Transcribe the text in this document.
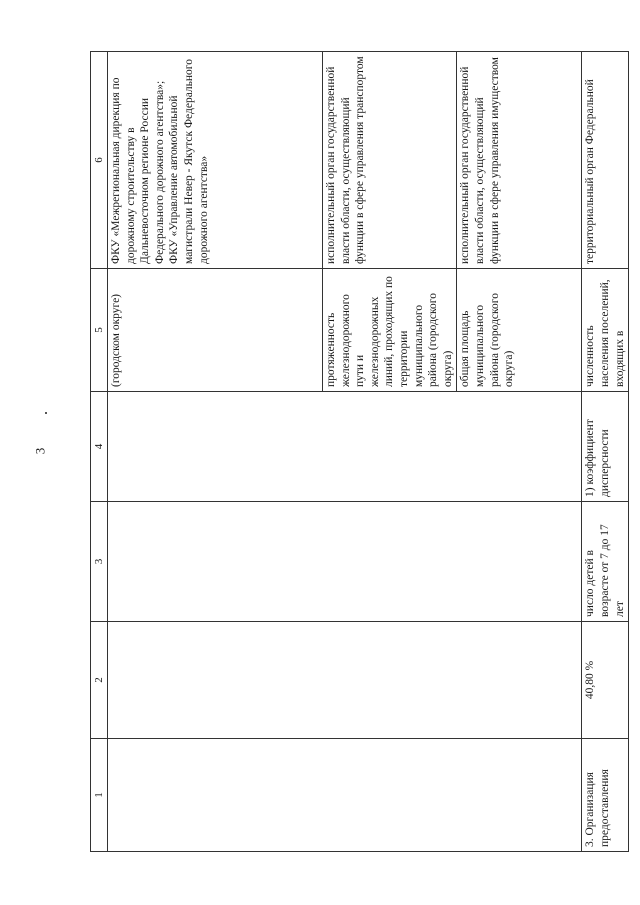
3
1	2	3	4	5	6
				(городском округе)	ФКУ «Межрегиональная дирекция по дорожному строительству в Дальневосточном регионе России Федерального дорожного агентства»; ФКУ «Управление автомобильной магистрали Невер - Якутск Федерального дорожного агентства»
				протяженность железнодорожного пути и железнодорожных линий, проходящих по территории муниципального района (городского округа)	исполнительный орган государственной власти области, осуществляющий функции в сфере управления транспортом
				общая площадь муниципального района (городского округа)	исполнительный орган государственной власти области, осуществляющий функции в сфере управления имуществом
3. Организация предоставления	40,80 %	число детей в возрасте от 7 до 17 лет	1) коэффициент дисперсности	численность населения поселений, входящих в	территориальный орган Федеральной
